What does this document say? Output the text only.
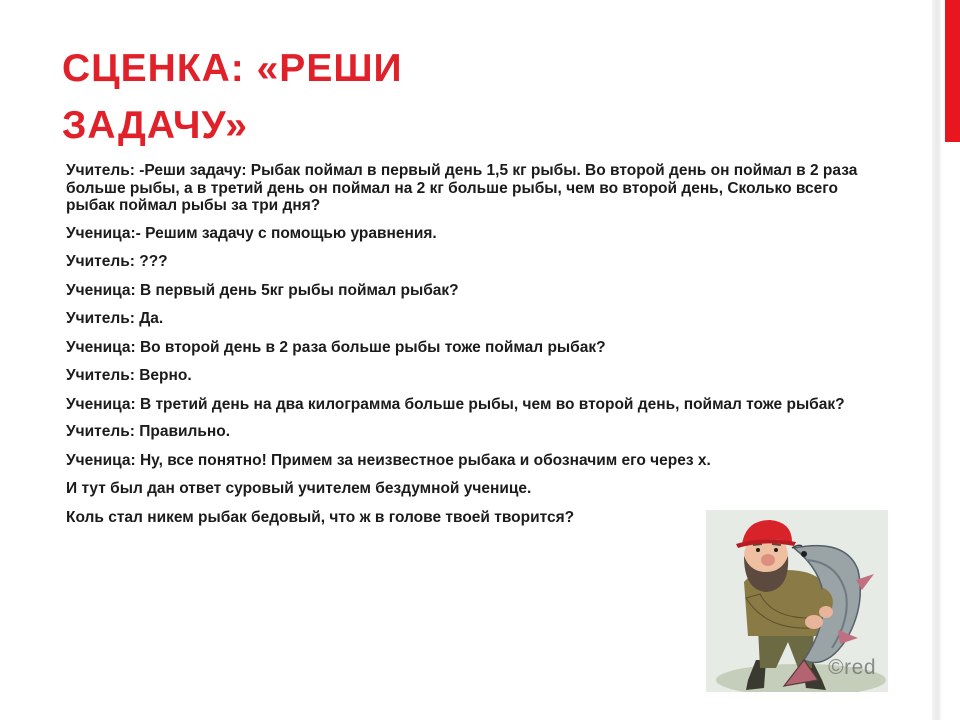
СЦЕНКА: «РЕШИ
ЗАДАЧУ»

Учитель: -Реши задачу: Рыбак поймал в первый день 1,5 кг рыбы. Во второй день он поймал в 2 раза больше рыбы, а в третий день он поймал на 2 кг больше рыбы, чем во второй день, Сколько всего рыбак поймал рыбы за три дня?

Ученица:- Решим задачу с помощью уравнения.

Учитель: ???

Ученица: В первый день 5кг рыбы поймал рыбак?

Учитель: Да.

Ученица: Во второй день в 2 раза больше рыбы тоже поймал рыбак?

Учитель: Верно.

Ученица: В третий день на два килограмма больше рыбы, чем во второй день, поймал тоже рыбак?

Учитель: Правильно.

Ученица: Ну, все понятно! Примем за неизвестное рыбака и обозначим его через х.

И тут был дан ответ суровый учителем бездумной ученице.

Коль стал никем рыбак бедовый, что ж в голове твоей творится?

©red
